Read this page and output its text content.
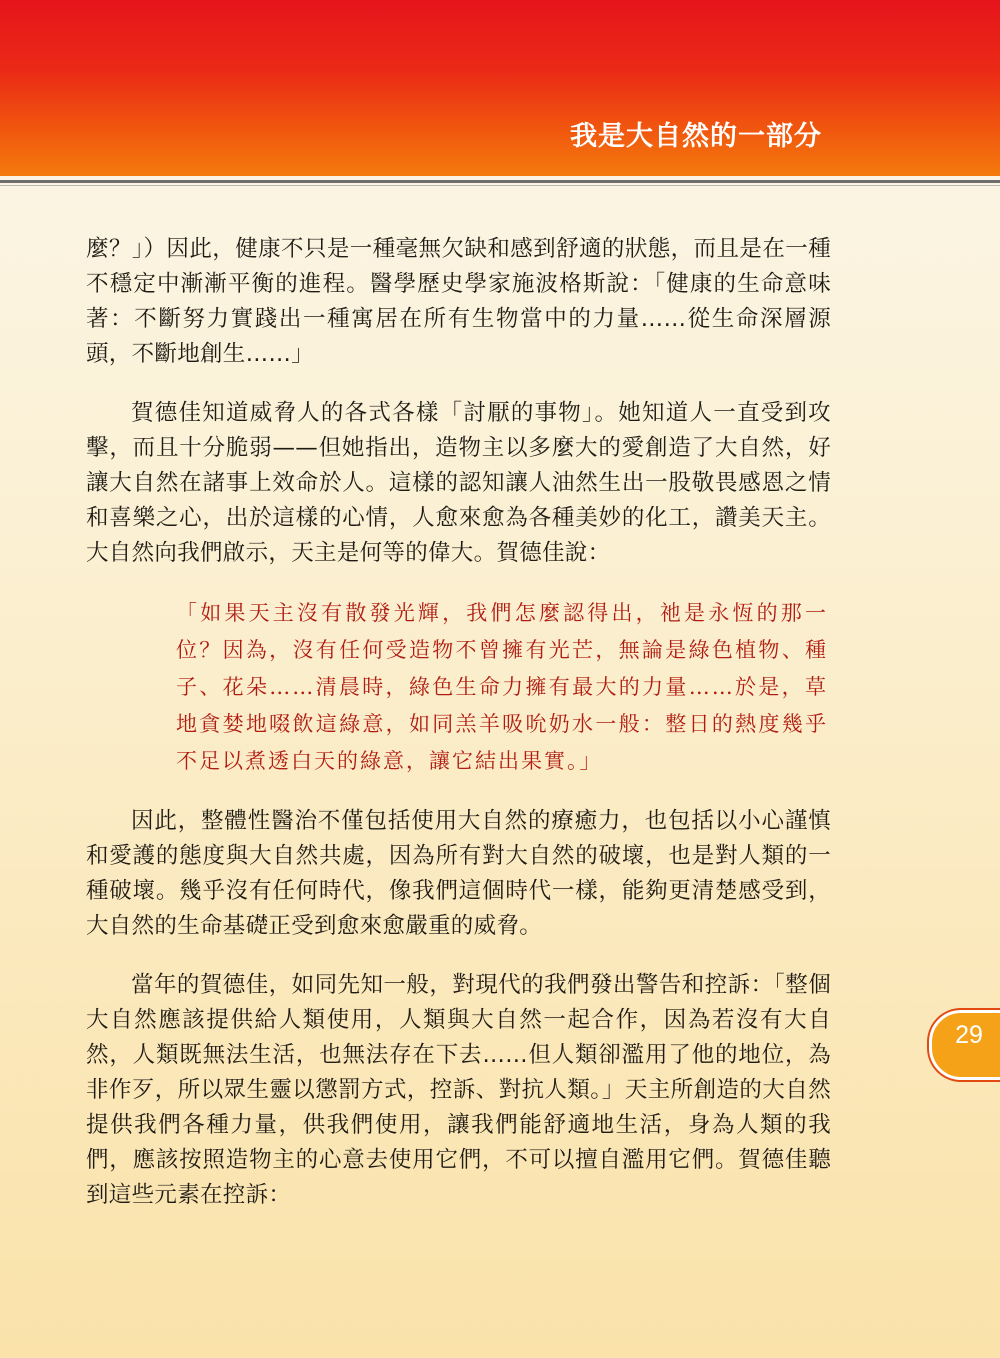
我是大自然的一部分

麼？」）因此，健康不只是一種毫無欠缺和感到舒適的狀態，而且是在一種不穩定中漸漸平衡的進程。醫學歷史學家施波格斯說：「健康的生命意味著：不斷努力實踐出一種寓居在所有生物當中的力量……從生命深層源頭，不斷地創生……」

賀德佳知道威脅人的各式各樣「討厭的事物」。她知道人一直受到攻擊，而且十分脆弱——但她指出，造物主以多麼大的愛創造了大自然，好讓大自然在諸事上效命於人。這樣的認知讓人油然生出一股敬畏感恩之情和喜樂之心，出於這樣的心情，人愈來愈為各種美妙的化工，讚美天主。大自然向我們啟示，天主是何等的偉大。賀德佳說：

「如果天主沒有散發光輝，我們怎麼認得出，祂是永恆的那一位？因為，沒有任何受造物不曾擁有光芒，無論是綠色植物、種子、花朵……清晨時，綠色生命力擁有最大的力量……於是，草地貪婪地啜飲這綠意，如同羔羊吸吮奶水一般：整日的熱度幾乎不足以煮透白天的綠意，讓它結出果實。」

因此，整體性醫治不僅包括使用大自然的療癒力，也包括以小心謹慎和愛護的態度與大自然共處，因為所有對大自然的破壞，也是對人類的一種破壞。幾乎沒有任何時代，像我們這個時代一樣，能夠更清楚感受到，大自然的生命基礎正受到愈來愈嚴重的威脅。

當年的賀德佳，如同先知一般，對現代的我們發出警告和控訴：「整個大自然應該提供給人類使用，人類與大自然一起合作，因為若沒有大自然，人類既無法生活，也無法存在下去……但人類卻濫用了他的地位，為非作歹，所以眾生靈以懲罰方式，控訴、對抗人類。」天主所創造的大自然提供我們各種力量，供我們使用，讓我們能舒適地生活，身為人類的我們，應該按照造物主的心意去使用它們，不可以擅自濫用它們。賀德佳聽到這些元素在控訴：

29
